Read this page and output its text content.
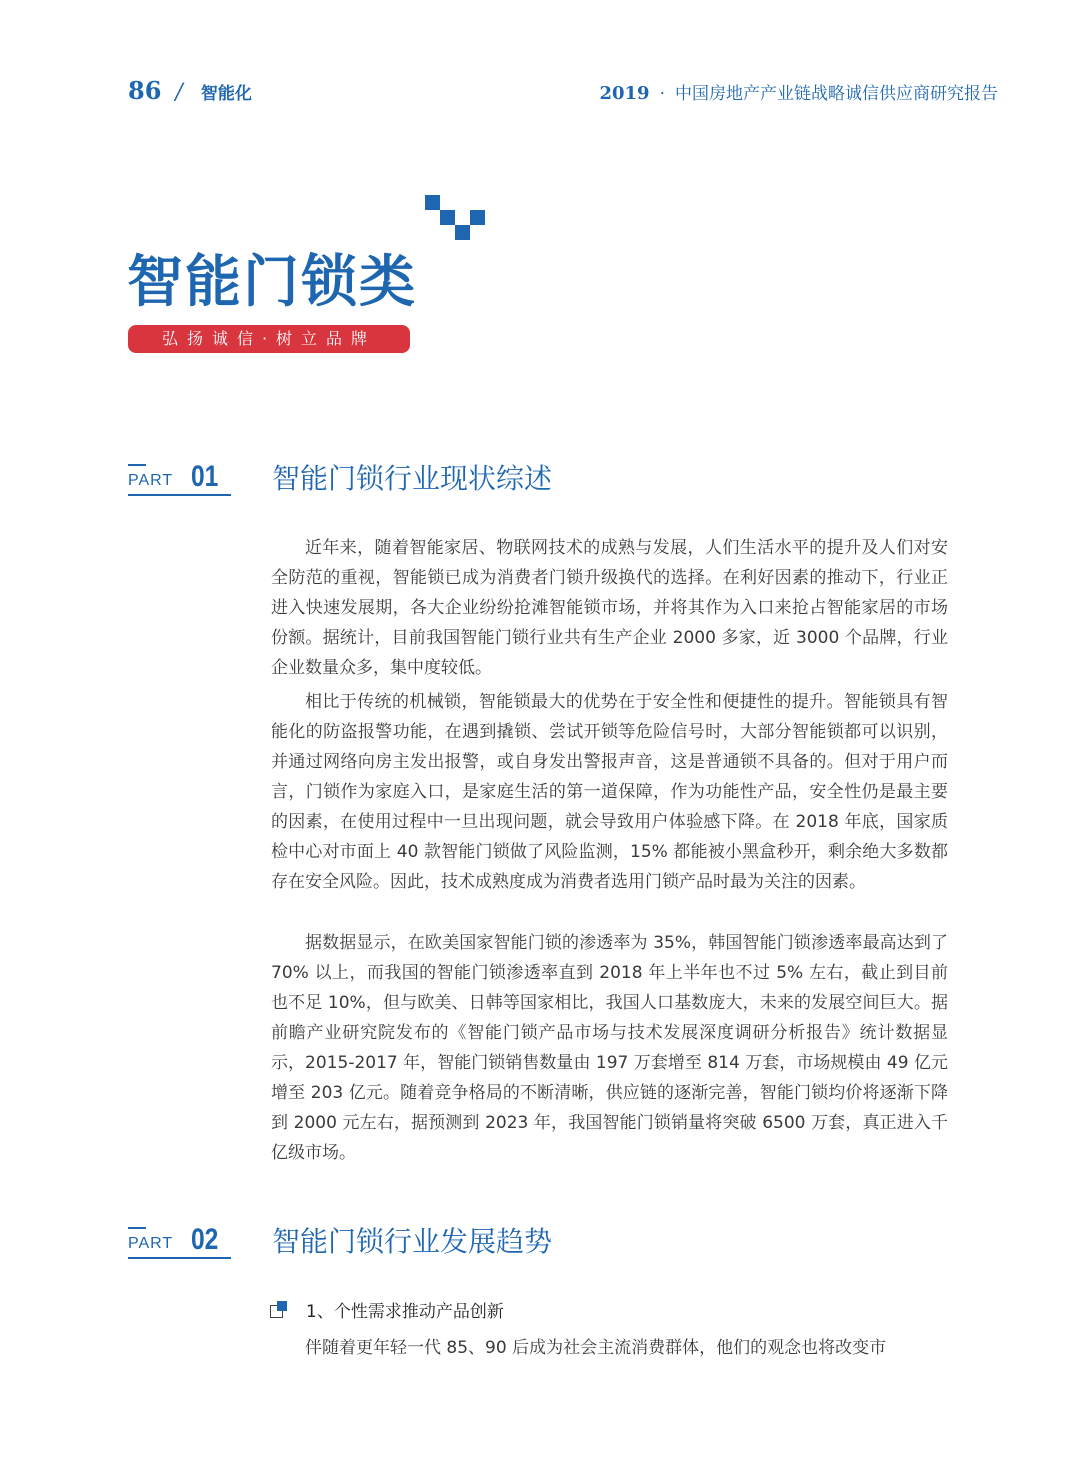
86 / 智能化	2019 · 中国房地产产业链战略诚信供应商研究报告
智能门锁类
弘扬诚信·树立品牌
PART 01 智能门锁行业现状综述

近年来，随着智能家居、物联网技术的成熟与发展，人们生活水平的提升及人们对安全防范的重视，智能锁已成为消费者门锁升级换代的选择。在利好因素的推动下，行业正进入快速发展期，各大企业纷纷抢滩智能锁市场，并将其作为入口来抢占智能家居的市场份额。据统计，目前我国智能门锁行业共有生产企业 2000 多家，近 3000 个品牌，行业企业数量众多，集中度较低。

相比于传统的机械锁，智能锁最大的优势在于安全性和便捷性的提升。智能锁具有智能化的防盗报警功能，在遇到撬锁、尝试开锁等危险信号时，大部分智能锁都可以识别，并通过网络向房主发出报警，或自身发出警报声音，这是普通锁不具备的。但对于用户而言，门锁作为家庭入口，是家庭生活的第一道保障，作为功能性产品，安全性仍是最主要的因素，在使用过程中一旦出现问题，就会导致用户体验感下降。在 2018 年底，国家质检中心对市面上 40 款智能门锁做了风险监测，15% 都能被小黑盒秒开，剩余绝大多数都存在安全风险。因此，技术成熟度成为消费者选用门锁产品时最为关注的因素。

据数据显示，在欧美国家智能门锁的渗透率为 35%，韩国智能门锁渗透率最高达到了 70% 以上，而我国的智能门锁渗透率直到 2018 年上半年也不过 5% 左右，截止到目前也不足 10%，但与欧美、日韩等国家相比，我国人口基数庞大，未来的发展空间巨大。据前瞻产业研究院发布的《智能门锁产品市场与技术发展深度调研分析报告》统计数据显示，2015-2017 年，智能门锁销售数量由 197 万套增至 814 万套，市场规模由 49 亿元增至 203 亿元。随着竞争格局的不断清晰，供应链的逐渐完善，智能门锁均价将逐渐下降到 2000 元左右，据预测到 2023 年，我国智能门锁销量将突破 6500 万套，真正进入千亿级市场。

PART 02 智能门锁行业发展趋势
1、个性需求推动产品创新

伴随着更年轻一代 85、90 后成为社会主流消费群体，他们的观念也将改变市
